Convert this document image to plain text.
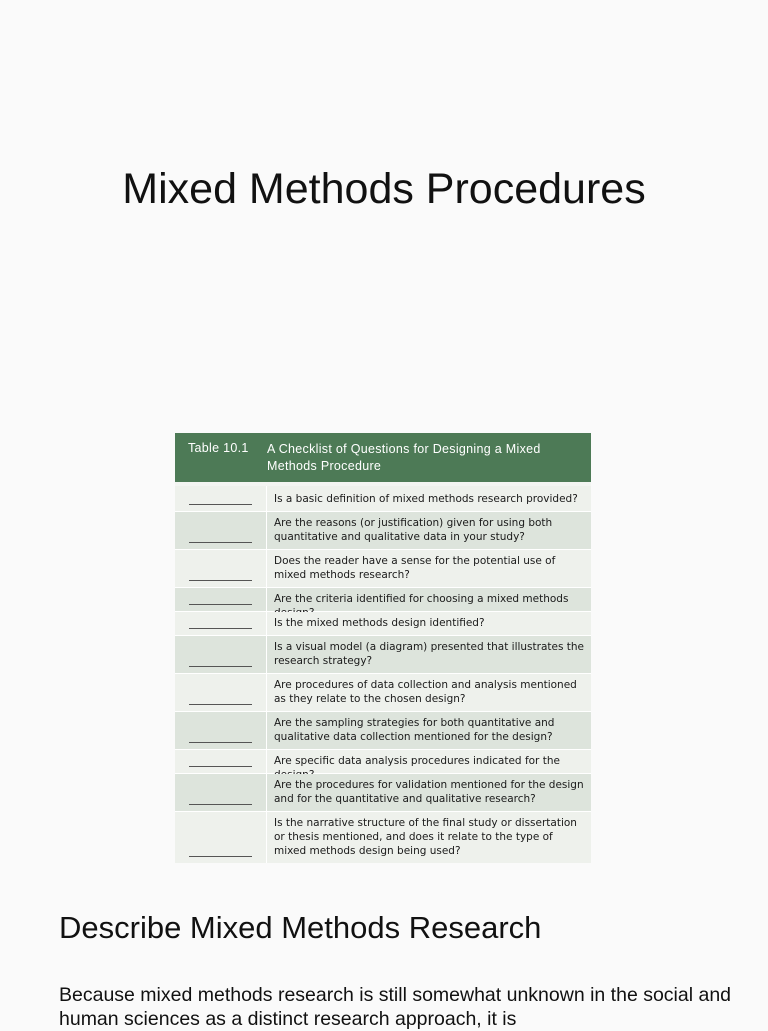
Mixed Methods Procedures
Table 10.1 A Checklist of Questions for Designing a Mixed Methods Procedure
Is a basic definition of mixed methods research provided?
Are the reasons (or justification) given for using both quantitative and qualitative data in your study?
Does the reader have a sense for the potential use of mixed methods research?
Are the criteria identified for choosing a mixed methods
Is the mixed methods design identified?
Is a visual model (a diagram) presented that illustrates the research strategy?
Are procedures of data collection and analysis mentioned as they relate to the chosen design?
Are the sampling strategies for both quantitative and qualitative data collection mentioned for the design?
Are specific data analysis procedures indicated for the
Are the procedures for validation mentioned for the design and for the quantitative and qualitative research?
Is the narrative structure of the final study or dissertation or thesis mentioned, and does it relate to the type of mixed methods design being used?
Describe Mixed Methods Research

Because mixed methods research is still somewhat unknown in the social and human sciences as a distinct research approach, it is
